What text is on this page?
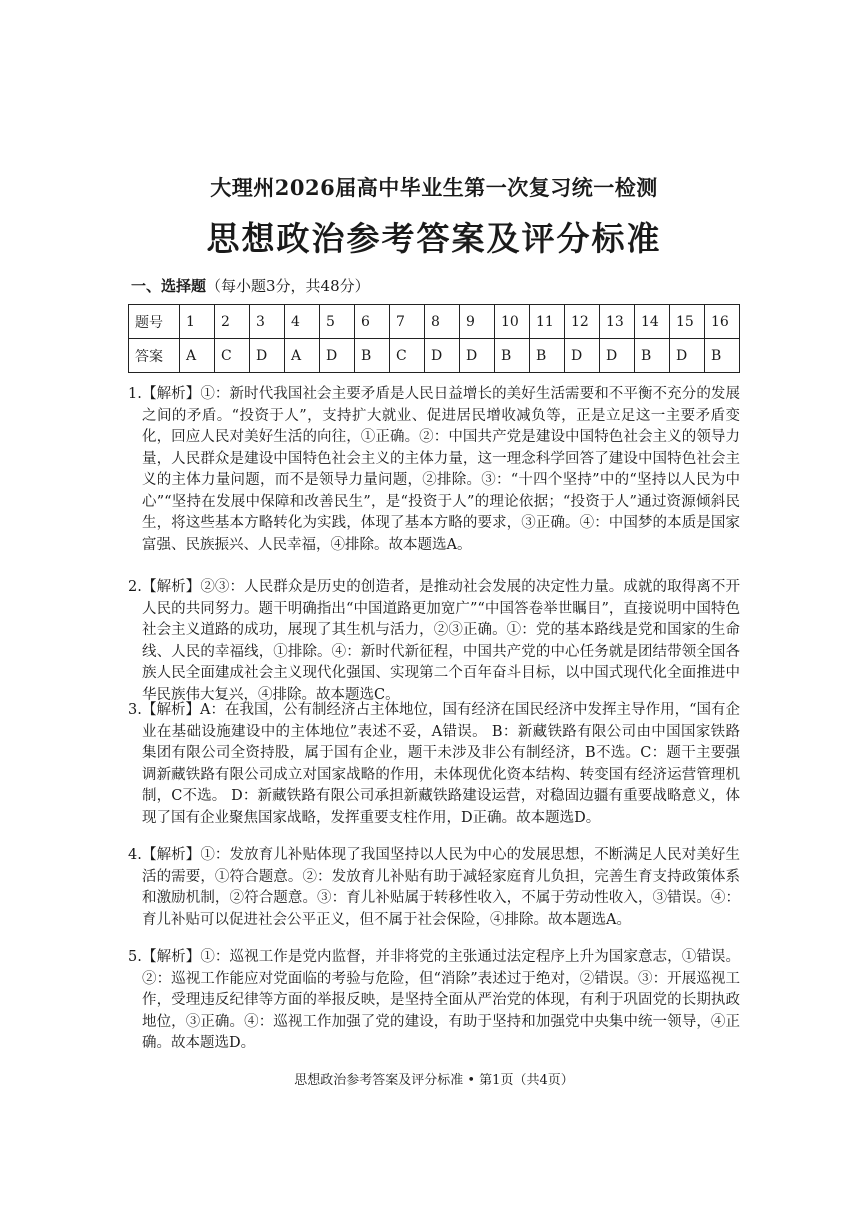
大理州2026届高中毕业生第一次复习统一检测
思想政治参考答案及评分标准
一、选择题（每小题3分，共48分）
题号	1	2	3	4	5	6	7	8	9	10	11	12	13	14	15	16
答案	A	C	D	A	D	B	C	D	D	B	B	D	D	B	D	B
1. 【解析】①：新时代我国社会主要矛盾是人民日益增长的美好生活需要和不平衡不充分的发展之间的矛盾。“投资于人”，支持扩大就业、促进居民增收减负等，正是立足这一主要矛盾变化，回应人民对美好生活的向往，①正确。②：中国共产党是建设中国特色社会主义的领导力量，人民群众是建设中国特色社会主义的主体力量，这一理念科学回答了建设中国特色社会主义的主体力量问题，而不是领导力量问题，②排除。③：“十四个坚持”中的“坚持以人民为中心”“坚持在发展中保障和改善民生”，是“投资于人”的理论依据；“投资于人”通过资源倾斜民生，将这些基本方略转化为实践，体现了基本方略的要求，③正确。④：中国梦的本质是国家富强、民族振兴、人民幸福，④排除。故本题选A。
2. 【解析】②③：人民群众是历史的创造者，是推动社会发展的决定性力量。成就的取得离不开人民的共同努力。题干明确指出“中国道路更加宽广”“中国答卷举世瞩目”，直接说明中国特色社会主义道路的成功，展现了其生机与活力，②③正确。①：党的基本路线是党和国家的生命线、人民的幸福线，①排除。④：新时代新征程，中国共产党的中心任务就是团结带领全国各族人民全面建成社会主义现代化强国、实现第二个百年奋斗目标，以中国式现代化全面推进中华民族伟大复兴，④排除。故本题选C。
3. 【解析】A：在我国，公有制经济占主体地位，国有经济在国民经济中发挥主导作用，“国有企业在基础设施建设中的主体地位”表述不妥，A错误。 B：新藏铁路有限公司由中国国家铁路集团有限公司全资持股，属于国有企业，题干未涉及非公有制经济，B不选。C：题干主要强调新藏铁路有限公司成立对国家战略的作用，未体现优化资本结构、转变国有经济运营管理机制，C不选。 D：新藏铁路有限公司承担新藏铁路建设运营，对稳固边疆有重要战略意义，体现了国有企业聚焦国家战略，发挥重要支柱作用，D正确。故本题选D。
4. 【解析】①：发放育儿补贴体现了我国坚持以人民为中心的发展思想，不断满足人民对美好生活的需要，①符合题意。②：发放育儿补贴有助于减轻家庭育儿负担，完善生育支持政策体系和激励机制，②符合题意。③：育儿补贴属于转移性收入，不属于劳动性收入，③错误。④：育儿补贴可以促进社会公平正义，但不属于社会保险，④排除。故本题选A。
5. 【解析】①：巡视工作是党内监督，并非将党的主张通过法定程序上升为国家意志，①错误。②：巡视工作能应对党面临的考验与危险，但“消除”表述过于绝对，②错误。③：开展巡视工作，受理违反纪律等方面的举报反映，是坚持全面从严治党的体现，有利于巩固党的长期执政地位，③正确。④：巡视工作加强了党的建设，有助于坚持和加强党中央集中统一领导，④正确。故本题选D。
思想政治参考答案及评分标准 • 第1页（共4页）
